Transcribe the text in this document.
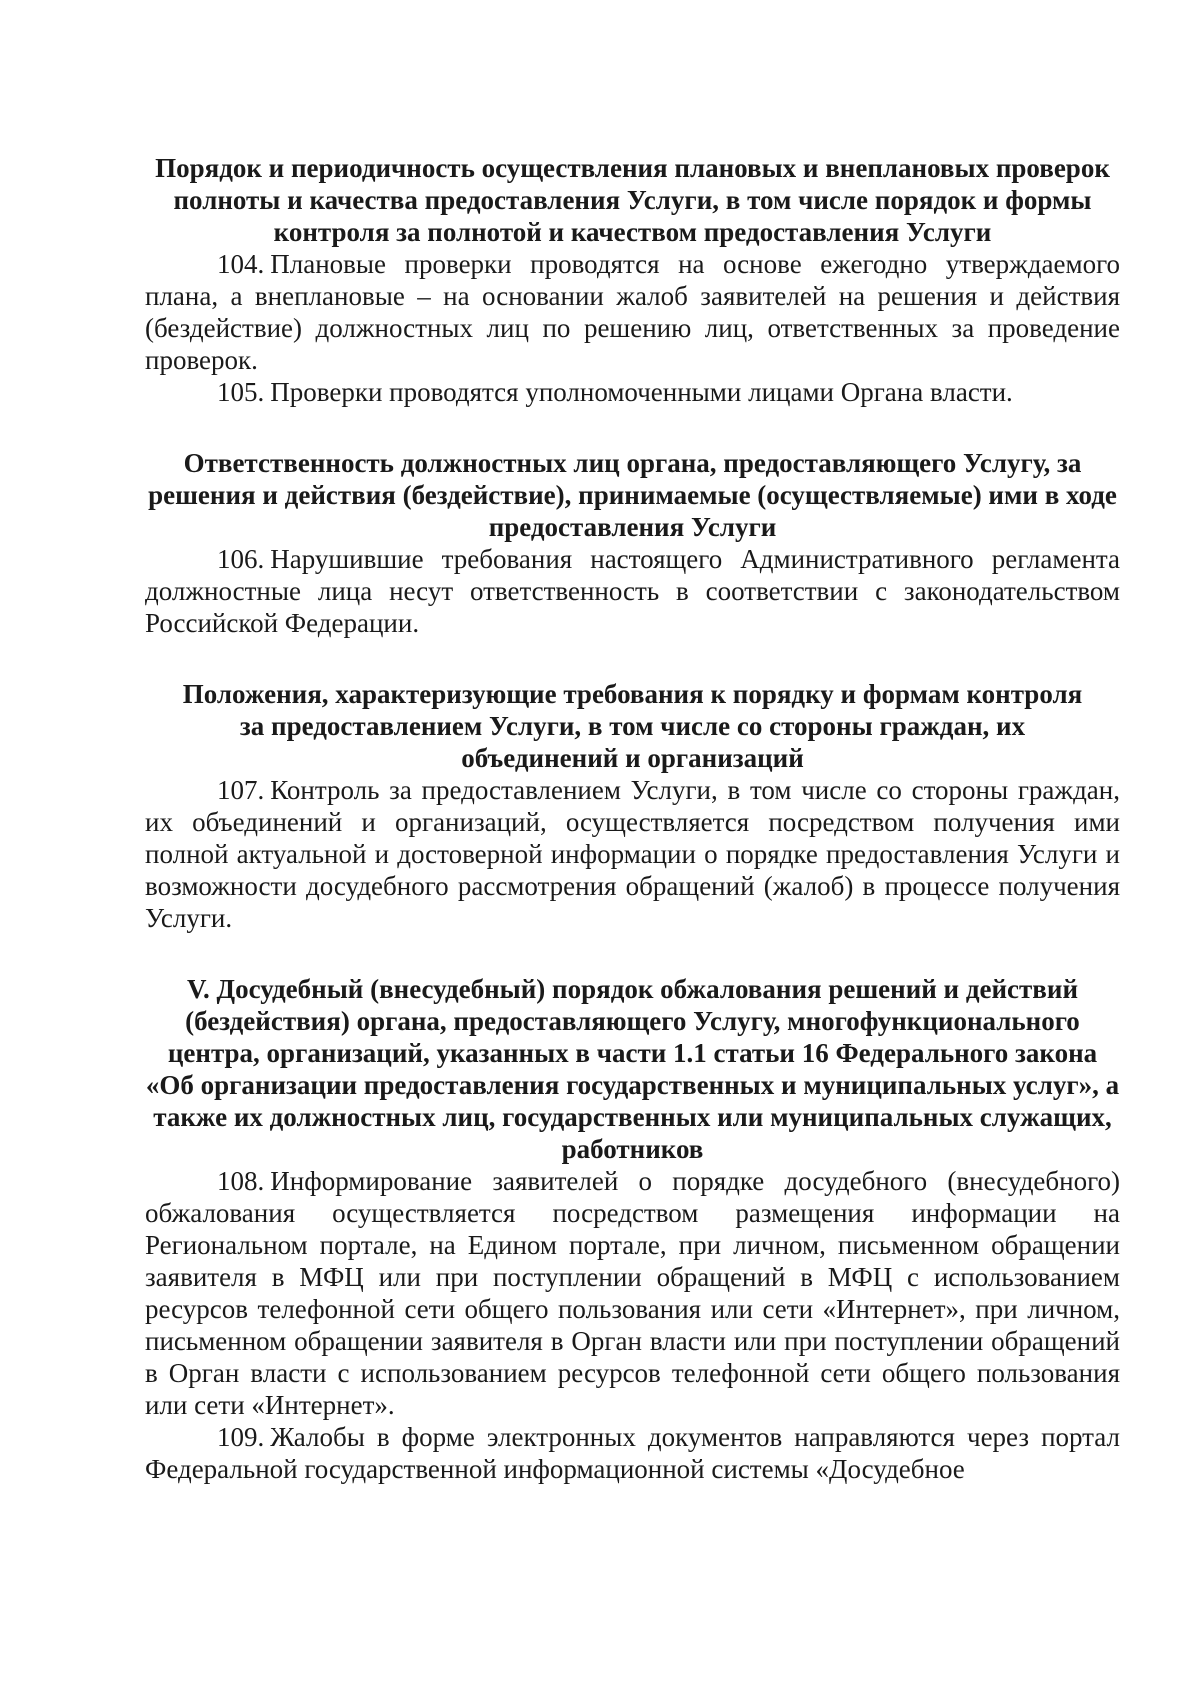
Порядок и периодичность осуществления плановых и внеплановых проверок полноты и качества предоставления Услуги, в том числе порядок и формы контроля за полнотой и качеством предоставления Услуги

104. Плановые проверки проводятся на основе ежегодно утверждаемого плана, а внеплановые – на основании жалоб заявителей на решения и действия (бездействие) должностных лиц по решению лиц, ответственных за проведение проверок.

105. Проверки проводятся уполномоченными лицами Органа власти.

Ответственность должностных лиц органа, предоставляющего Услугу, за решения и действия (бездействие), принимаемые (осуществляемые) ими в ходе предоставления Услуги

106. Нарушившие требования настоящего Административного регламента должностные лица несут ответственность в соответствии с законодательством Российской Федерации.

Положения, характеризующие требования к порядку и формам контроля за предоставлением Услуги, в том числе со стороны граждан, их объединений и организаций

107. Контроль за предоставлением Услуги, в том числе со стороны граждан, их объединений и организаций, осуществляется посредством получения ими полной актуальной и достоверной информации о порядке предоставления Услуги и возможности досудебного рассмотрения обращений (жалоб) в процессе получения Услуги.

V. Досудебный (внесудебный) порядок обжалования решений и действий (бездействия) органа, предоставляющего Услугу, многофункционального центра, организаций, указанных в части 1.1 статьи 16 Федерального закона «Об организации предоставления государственных и муниципальных услуг», а также их должностных лиц, государственных или муниципальных служащих, работников

108. Информирование заявителей о порядке досудебного (внесудебного) обжалования осуществляется посредством размещения информации на Региональном портале, на Едином портале, при личном, письменном обращении заявителя в МФЦ или при поступлении обращений в МФЦ с использованием ресурсов телефонной сети общего пользования или сети «Интернет», при личном, письменном обращении заявителя в Орган власти или при поступлении обращений в Орган власти с использованием ресурсов телефонной сети общего пользования или сети «Интернет».

109. Жалобы в форме электронных документов направляются через портал Федеральной государственной информационной системы «Досудебное
